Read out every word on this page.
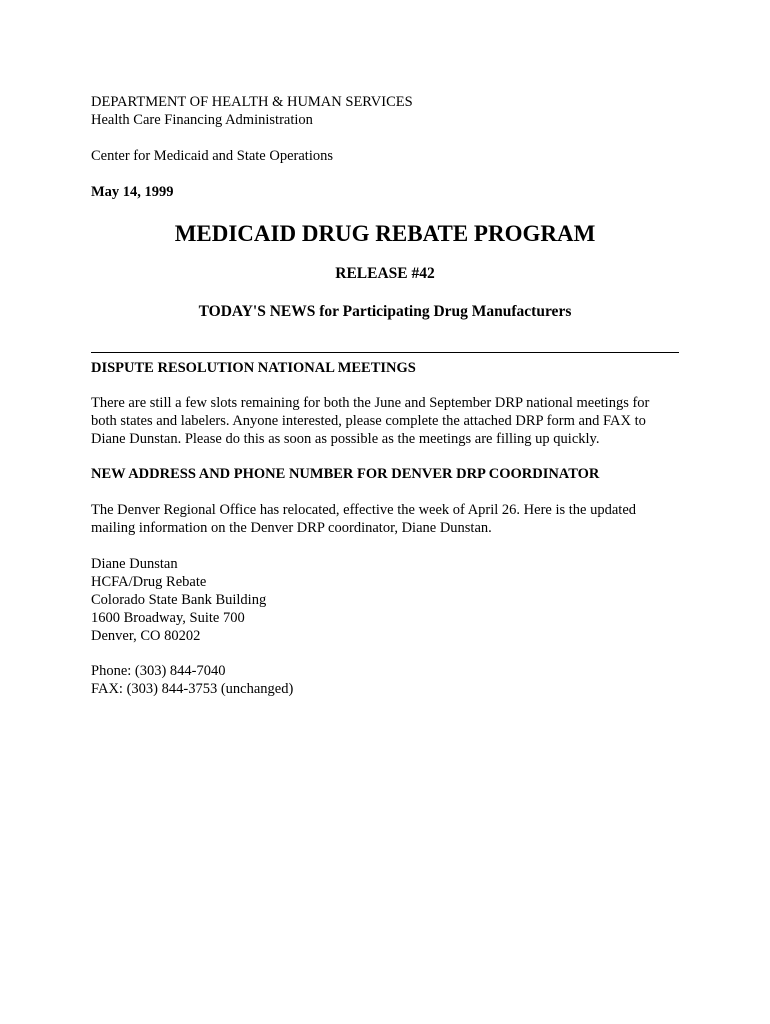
DEPARTMENT OF HEALTH & HUMAN SERVICES

Health Care Financing Administration

Center for Medicaid and State Operations

May 14, 1999

MEDICAID DRUG REBATE PROGRAM

RELEASE #42

TODAY'S NEWS for Participating Drug Manufacturers

DISPUTE RESOLUTION NATIONAL MEETINGS

There are still a few slots remaining for both the June and September DRP national meetings for

both states and labelers. Anyone interested, please complete the attached DRP form and FAX to

Diane Dunstan. Please do this as soon as possible as the meetings are filling up quickly.

NEW ADDRESS AND PHONE NUMBER FOR DENVER DRP COORDINATOR

The Denver Regional Office has relocated, effective the week of April 26. Here is the updated

mailing information on the Denver DRP coordinator, Diane Dunstan.

Diane Dunstan

HCFA/Drug Rebate

Colorado State Bank Building

1600 Broadway, Suite 700

Denver, CO 80202

Phone: (303) 844-7040

FAX: (303) 844-3753 (unchanged)
